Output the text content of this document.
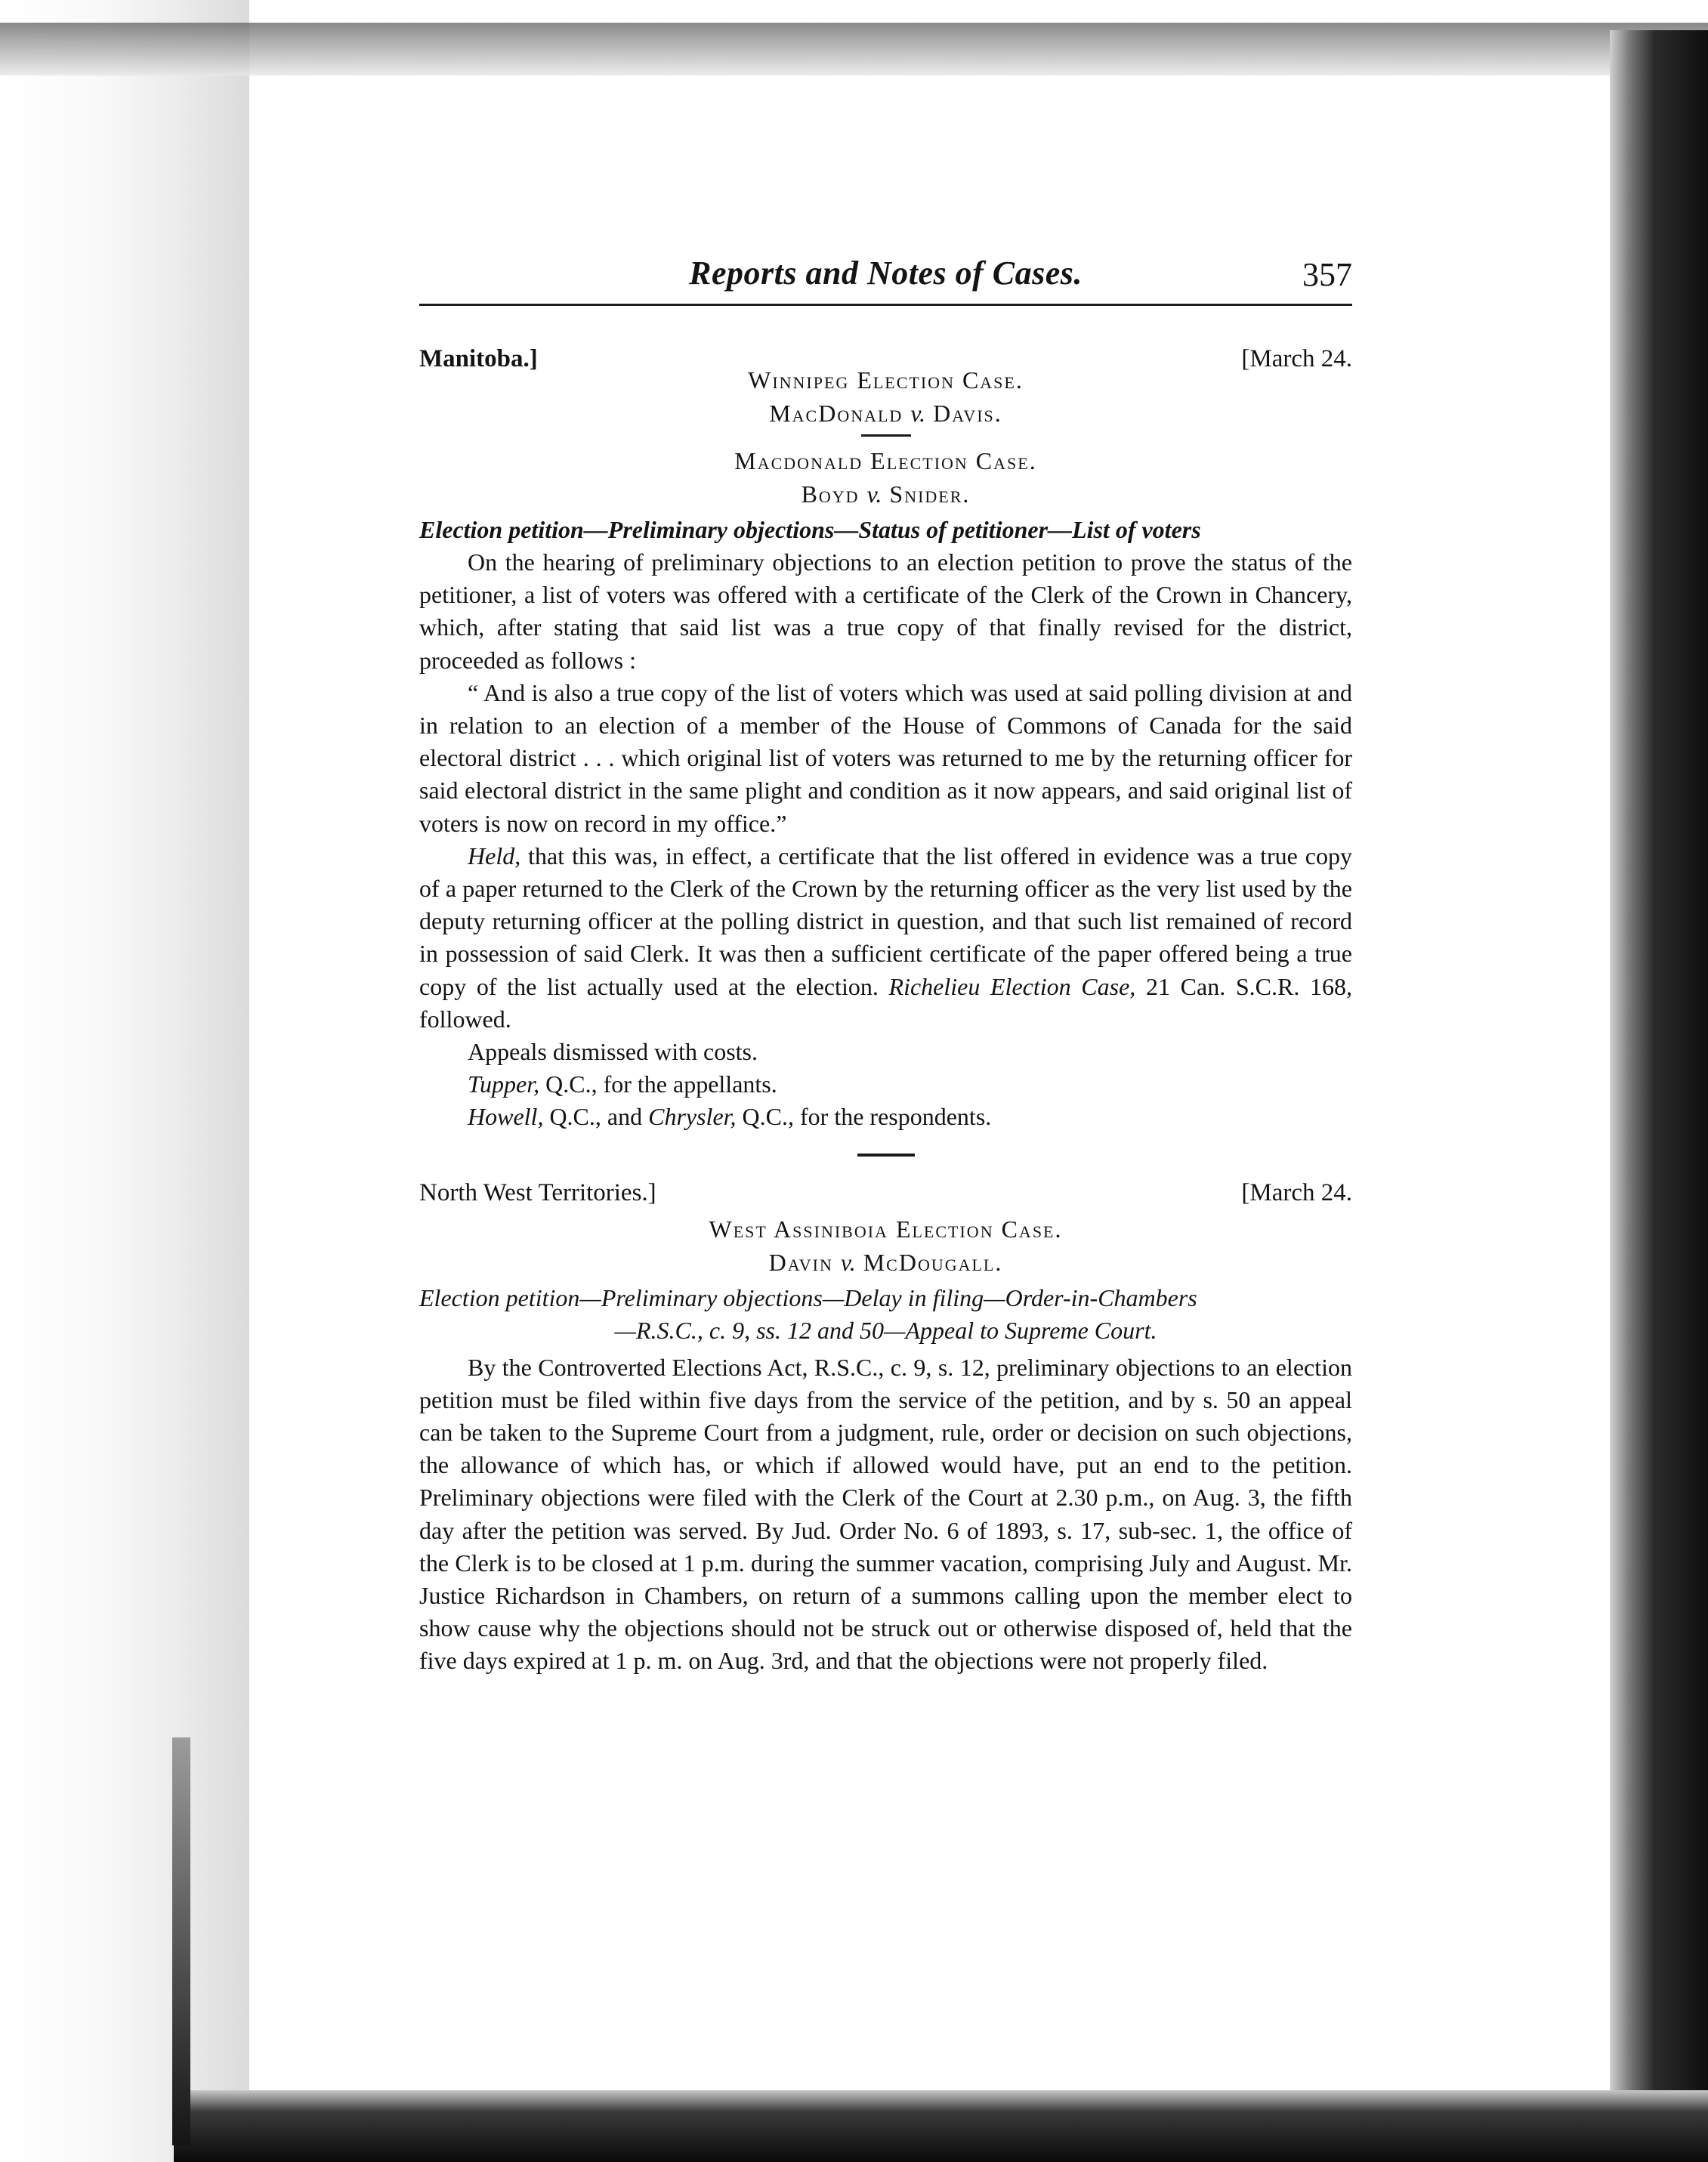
Reports and Notes of Cases.	357
Manitoba.]	[March 24.
Winnipeg Election Case.
MacDonald v. Davis.
Macdonald Election Case.
Boyd v. Snider.

Election petition—Preliminary objections—Status of petitioner—List of voters

On the hearing of preliminary objections to an election petition to prove the status of the petitioner, a list of voters was offered with a certificate of the Clerk of the Crown in Chancery, which, after stating that said list was a true copy of that finally revised for the district, proceeded as follows :

“ And is also a true copy of the list of voters which was used at said polling division at and in relation to an election of a member of the House of Commons of Canada for the said electoral district . . . which original list of voters was returned to me by the returning officer for said electoral district in the same plight and condition as it now appears, and said original list of voters is now on record in my office.”

Held, that this was, in effect, a certificate that the list offered in evidence was a true copy of a paper returned to the Clerk of the Crown by the returning officer as the very list used by the deputy returning officer at the polling district in question, and that such list remained of record in possession of said Clerk. It was then a sufficient certificate of the paper offered being a true copy of the list actually used at the election. Richelieu Election Case, 21 Can. S.C.R. 168, followed.

Appeals dismissed with costs.

Tupper, Q.C., for the appellants.

Howell, Q.C., and Chrysler, Q.C., for the respondents.

North West Territories.]	[March 24.
West Assiniboia Election Case.
Davin v. McDougall.

Election petition—Preliminary objections—Delay in filing—Order-in-Chambers

—R.S.C., c. 9, ss. 12 and 50—Appeal to Supreme Court.

By the Controverted Elections Act, R.S.C., c. 9, s. 12, preliminary objections to an election petition must be filed within five days from the service of the petition, and by s. 50 an appeal can be taken to the Supreme Court from a judgment, rule, order or decision on such objections, the allowance of which has, or which if allowed would have, put an end to the petition. Preliminary objections were filed with the Clerk of the Court at 2.30 p.m., on Aug. 3, the fifth day after the petition was served. By Jud. Order No. 6 of 1893, s. 17, sub-sec. 1, the office of the Clerk is to be closed at 1 p.m. during the summer vacation, comprising July and August. Mr. Justice Richardson in Chambers, on return of a summons calling upon the member elect to show cause why the objections should not be struck out or otherwise disposed of, held that the five days expired at 1 p. m. on Aug. 3rd, and that the objections were not properly filed.
